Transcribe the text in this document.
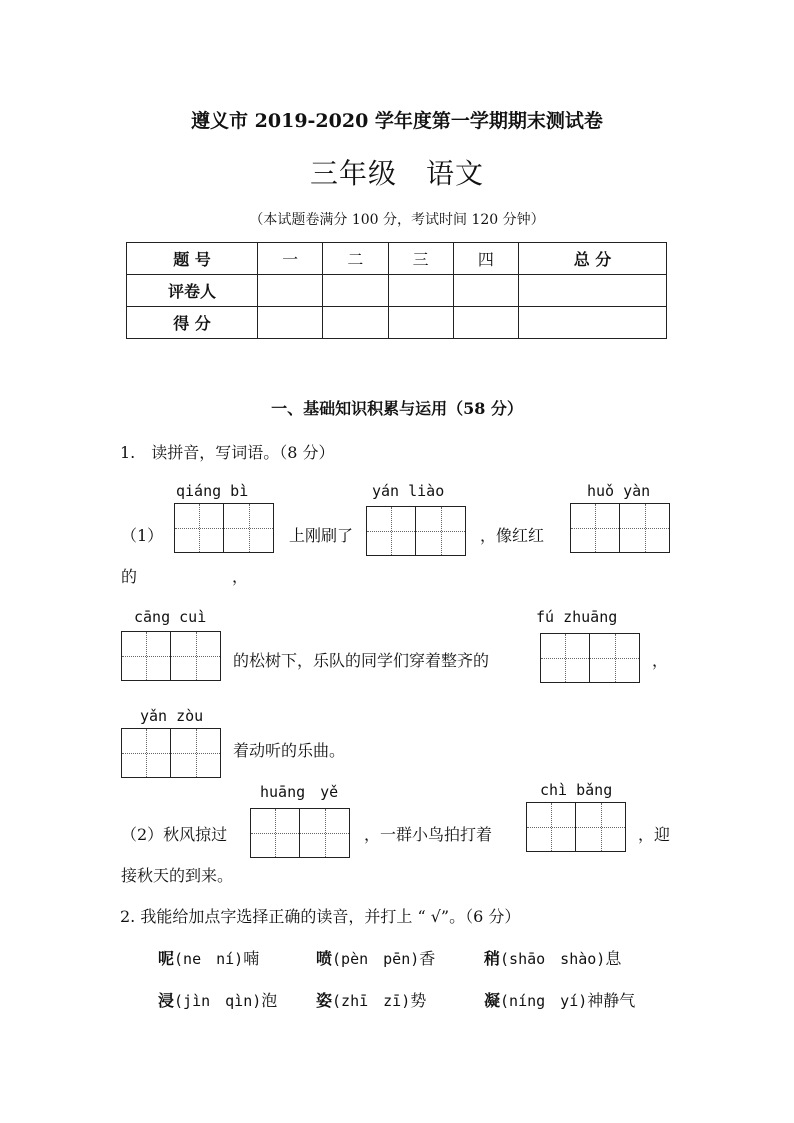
遵义市 2019-2020 学年度第一学期期末测试卷
三年级　语文
（本试题卷满分 100 分，考试时间 120 分钟）
题 号	一	二	三	四	总 分
评卷人					
得 分					
一、基础知识积累与运用（58 分）
1.　读拼音，写词语。（8 分）
qiáng bì	yán liào	huǒ yàn
（1）	上刚刷了	，像红红
的	，
cāng cuì	fú zhuāng
的松树下，乐队的同学们穿着整齐的	，
yǎn zòu
着动听的乐曲。
huāng　yě	chì bǎng
（2）秋风掠过	，一群小鸟拍打着	，迎
接秋天的到来。
2. 我能给加点字选择正确的读音，并打上 “ √”。（6 分）
呢(ne　ní)喃	喷(pèn　pēn)香	稍(shāo　shào)息
浸(jìn　qìn)泡 姿(zhī　zī)势	凝(níng　yí)神静气
